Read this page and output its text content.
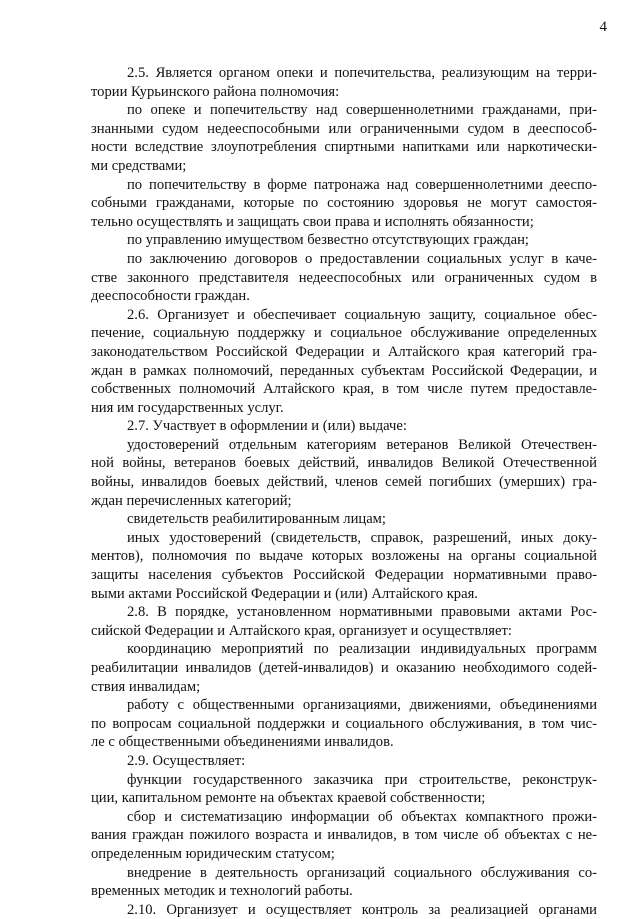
4
2.5. Является органом опеки и попечительства, реализующим на терри-
тории Курьинского района полномочия:
по опеке и попечительству над совершеннолетними гражданами, при-
знанными судом недееспособными или ограниченными судом в дееспособ-
ности вследствие злоупотребления спиртными напитками или наркотически-
ми средствами;
по попечительству в форме патронажа над совершеннолетними дееспо-
собными гражданами, которые по состоянию здоровья не могут самостоя-
тельно осуществлять и защищать свои права и исполнять обязанности;
по управлению имуществом безвестно отсутствующих граждан;
по заключению договоров о предоставлении социальных услуг в каче-
стве законного представителя недееспособных или ограниченных судом в
дееспособности граждан.
2.6. Организует и обеспечивает социальную защиту, социальное обес-
печение, социальную поддержку и социальное обслуживание определенных
законодательством Российской Федерации и Алтайского края категорий гра-
ждан в рамках полномочий, переданных субъектам Российской Федерации, и
собственных полномочий Алтайского края, в том числе путем предоставле-
ния им государственных услуг.
2.7. Участвует в оформлении и (или) выдаче:
удостоверений отдельным категориям ветеранов Великой Отечествен-
ной войны, ветеранов боевых действий, инвалидов Великой Отечественной
войны, инвалидов боевых действий, членов семей погибших (умерших) гра-
ждан перечисленных категорий;
свидетельств реабилитированным лицам;
иных удостоверений (свидетельств, справок, разрешений, иных доку-
ментов), полномочия по выдаче которых возложены на органы социальной
защиты населения субъектов Российской Федерации нормативными право-
выми актами Российской Федерации и (или) Алтайского края.
2.8. В порядке, установленном нормативными правовыми актами Рос-
сийской Федерации и Алтайского края, организует и осуществляет:
координацию мероприятий по реализации индивидуальных программ
реабилитации инвалидов (детей-инвалидов) и оказанию необходимого содей-
ствия инвалидам;
работу с общественными организациями, движениями, объединениями
по вопросам социальной поддержки и социального обслуживания, в том чис-
ле с общественными объединениями инвалидов.
2.9. Осуществляет:
функции государственного заказчика при строительстве, реконструк-
ции, капитальном ремонте на объектах краевой собственности;
сбор и систематизацию информации об объектах компактного прожи-
вания граждан пожилого возраста и инвалидов, в том числе об объектах с не-
определенным юридическим статусом;
внедрение в деятельность организаций социального обслуживания со-
временных методик и технологий работы.
2.10. Организует и осуществляет контроль за реализацией органами
